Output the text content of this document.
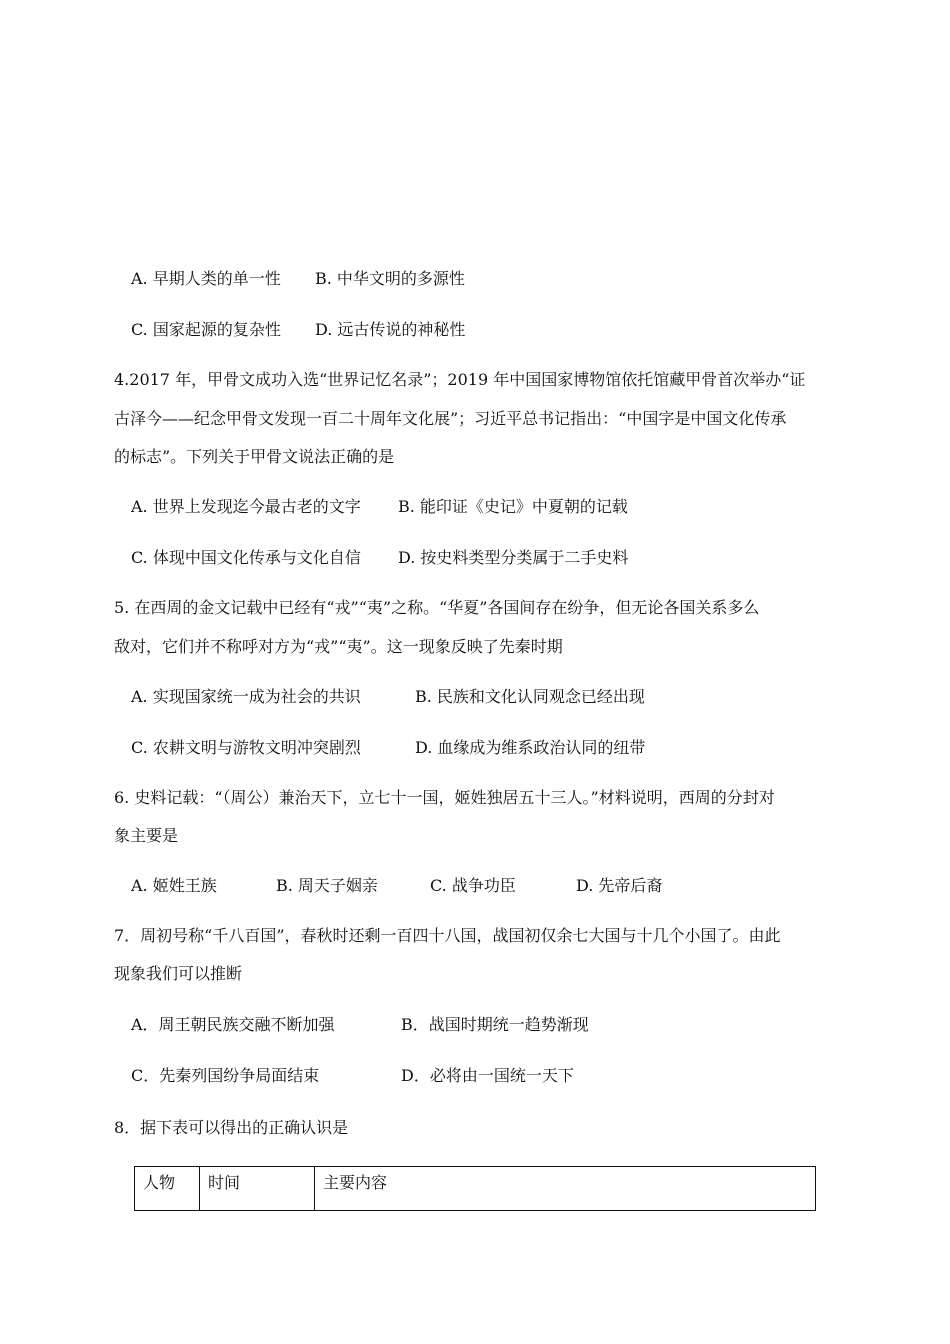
A. 早期人类的单一性 B. 中华文明的多源性
C. 国家起源的复杂性 D. 远古传说的神秘性
4.2017 年，甲骨文成功入选“世界记忆名录”；2019 年中国国家博物馆依托馆藏甲骨首次举办“证
古泽今——纪念甲骨文发现一百二十周年文化展”；习近平总书记指出：“中国字是中国文化传承
的标志”。下列关于甲骨文说法正确的是
A. 世界上发现迄今最古老的文字 B. 能印证《史记》中夏朝的记载
C. 体现中国文化传承与文化自信 D. 按史料类型分类属于二手史料
5. 在西周的金文记载中已经有“戎”“夷”之称。“华夏”各国间存在纷争，但无论各国关系多么
敌对，它们并不称呼对方为“戎”“夷”。这一现象反映了先秦时期
A. 实现国家统一成为社会的共识	B. 民族和文化认同观念已经出现
C. 农耕文明与游牧文明冲突剧烈	D. 血缘成为维系政治认同的纽带
6. 史料记载：“（周公）兼治天下，立七十一国，姬姓独居五十三人。”材料说明，西周的分封对
象主要是
A. 姬姓王族	B. 周天子姻亲	C. 战争功臣	D. 先帝后裔
7．周初号称“千八百国”，春秋时还剩一百四十八国，战国初仅余七大国与十几个小国了。由此
现象我们可以推断
A．周王朝民族交融不断加强	B．战国时期统一趋势渐现
C．先秦列国纷争局面结束	D．必将由一国统一天下
8．据下表可以得出的正确认识是
人物	时间	主要内容
